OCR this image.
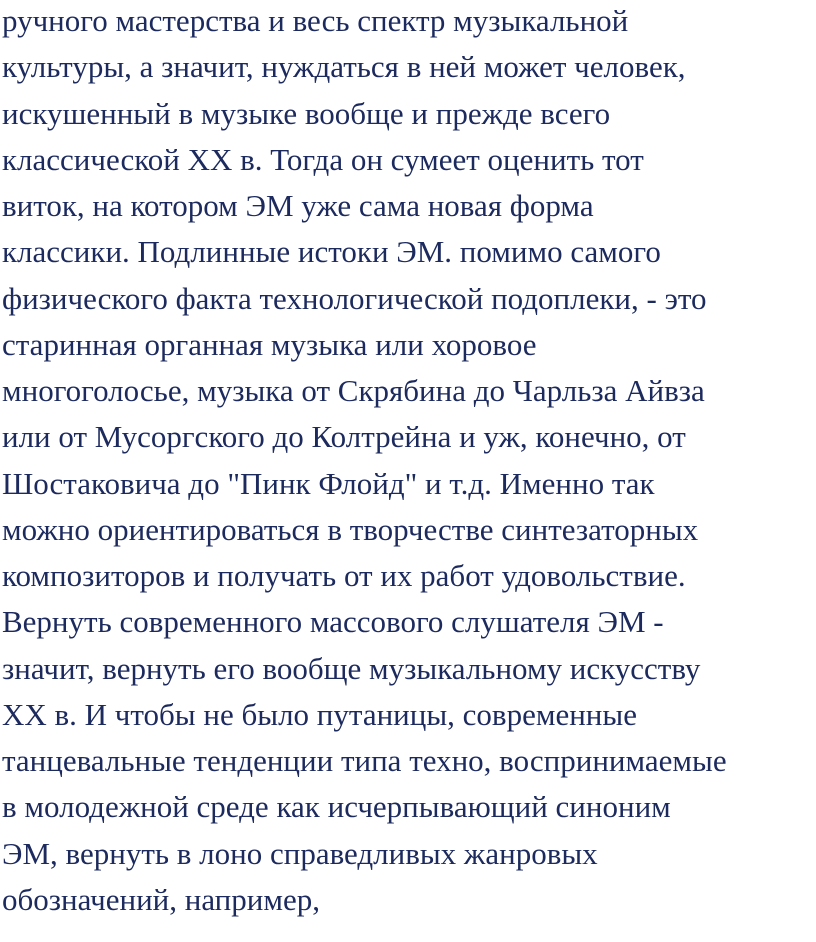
ручного мастерства и весь спектр музыкальной
культуры, а значит, нуждаться в ней может человек,
искушенный в музыке вообще и прежде всего
классической XX в. Тогда он сумеет оценить тот
виток, на котором ЭМ уже сама новая форма
классики. Подлинные истоки ЭМ. помимо самого
физического факта технологической подоплеки, - это
старинная органная музыка или хоровое
многоголосье, музыка от Скрябина до Чарльза Айвза
или от Мусоргского до Колтрейна и уж, конечно, от
Шостаковича до "Пинк Флойд" и т.д. Именно так
можно ориентироваться в творчестве синтезаторных
композиторов и получать от их работ удовольствие.
Вернуть современного массового слушателя ЭМ -
значит, вернуть его вообще музыкальному искусству
XX в. И чтобы не было путаницы, современные
танцевальные тенденции типа техно, воспринимаемые
в молодежной среде как исчерпывающий синоним
ЭМ, вернуть в лоно справедливых жанровых
обозначений, например,
